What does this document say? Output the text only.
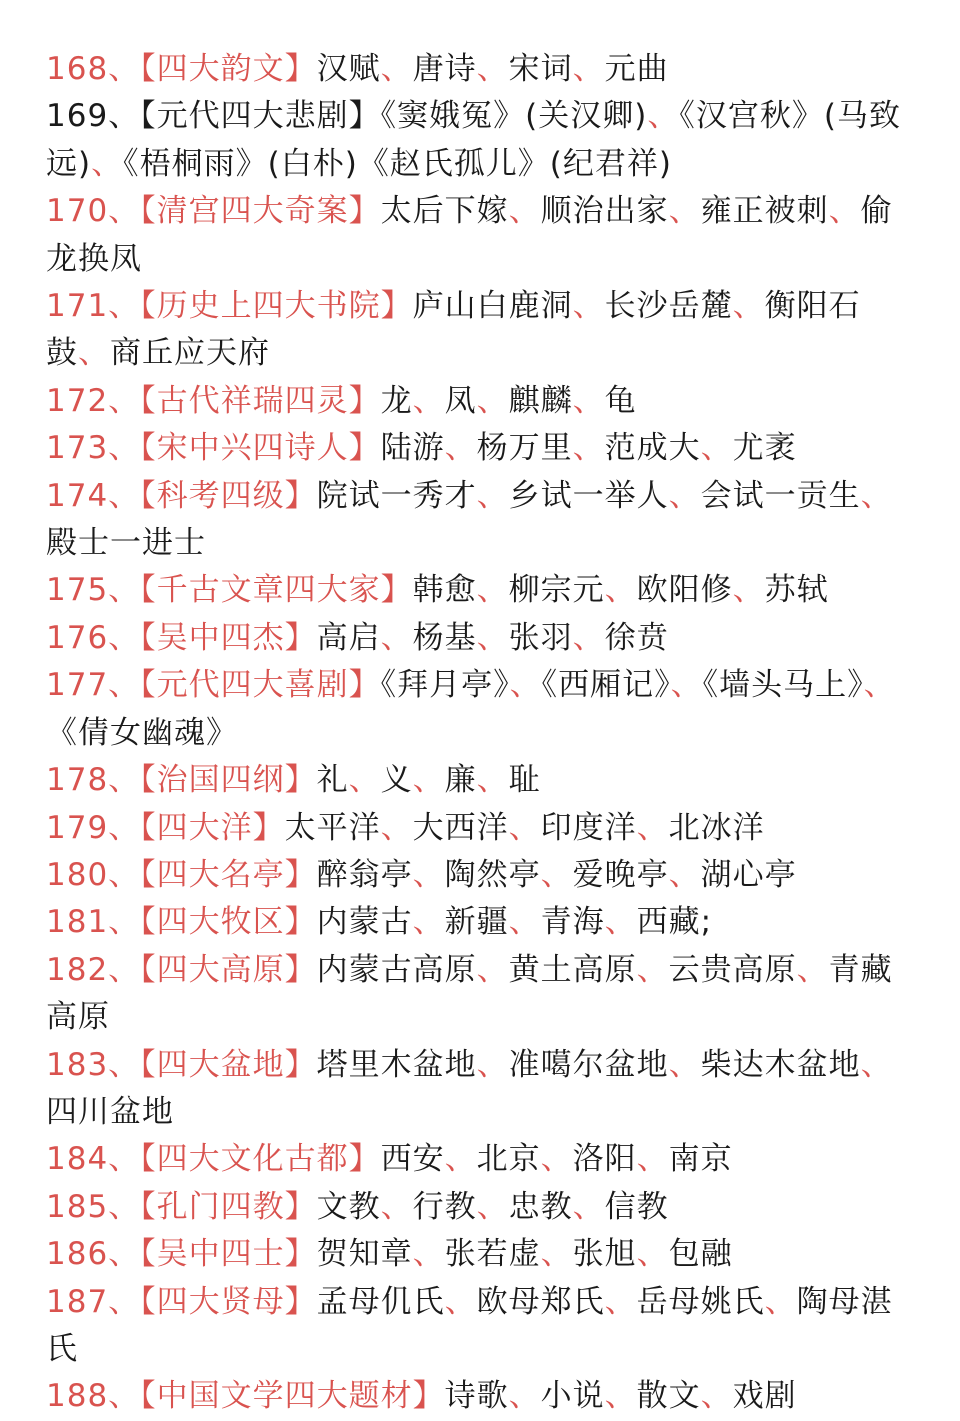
168、【四大韵文】汉赋、唐诗、宋词、元曲
169、【元代四大悲剧】《窦娥冤》(关汉卿)、《汉宫秋》(马致远)、《梧桐雨》(白朴)《赵氏孤儿》(纪君祥)
170、【清宫四大奇案】太后下嫁、顺治出家、雍正被刺、偷龙换凤
171、【历史上四大书院】庐山白鹿洞、长沙岳麓、衡阳石鼓、商丘应天府
172、【古代祥瑞四灵】龙、凤、麒麟、龟
173、【宋中兴四诗人】陆游、杨万里、范成大、尤袤
174、【科考四级】院试一秀才、乡试一举人、会试一贡生、殿士一进士
175、【千古文章四大家】韩愈、柳宗元、欧阳修、苏轼
176、【吴中四杰】高启、杨基、张羽、徐贲
177、【元代四大喜剧】《拜月亭》、《西厢记》、《墙头马上》、《倩女幽魂》
178、【治国四纲】礼、义、廉、耻
179、【四大洋】太平洋、大西洋、印度洋、北冰洋
180、【四大名亭】醉翁亭、陶然亭、爱晚亭、湖心亭
181、【四大牧区】内蒙古、新疆、青海、西藏;
182、【四大高原】内蒙古高原、黄土高原、云贵高原、青藏高原
183、【四大盆地】塔里木盆地、准噶尔盆地、柴达木盆地、四川盆地
184、【四大文化古都】西安、北京、洛阳、南京
185、【孔门四教】文教、行教、忠教、信教
186、【吴中四士】贺知章、张若虚、张旭、包融
187、【四大贤母】孟母仉氏、欧母郑氏、岳母姚氏、陶母湛氏
188、【中国文学四大题材】诗歌、小说、散文、戏剧
